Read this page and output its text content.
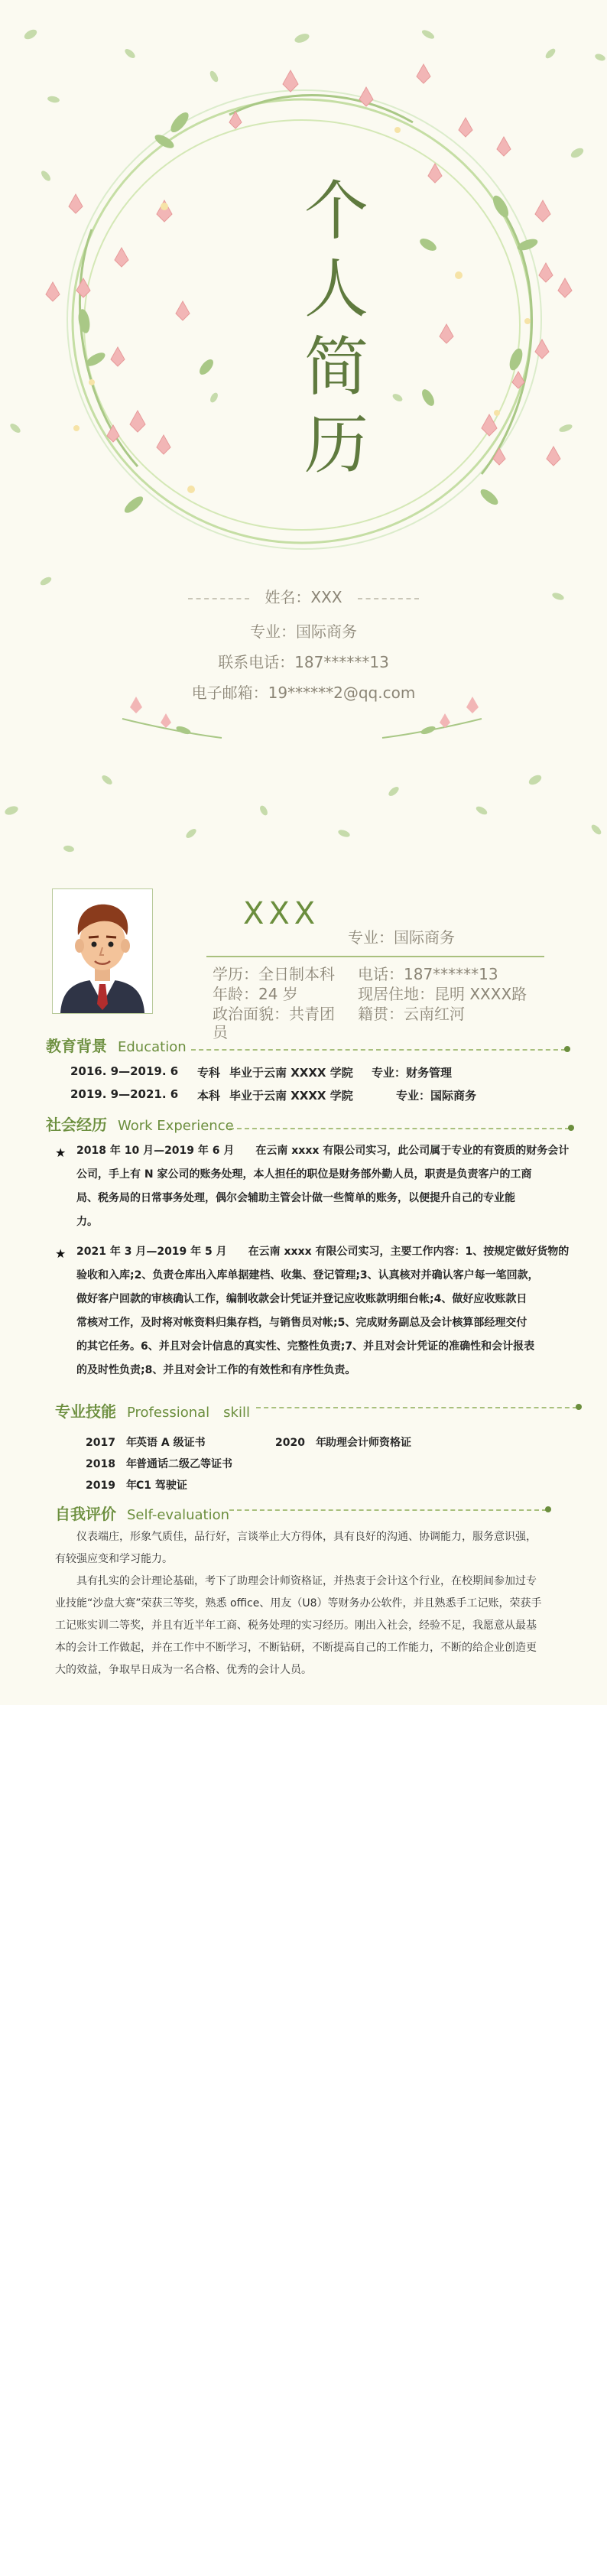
个
人
简
历
姓名：XXX
专业：国际商务
联系电话：187******13
电子邮箱：19******2@qq.com
XXX
专业：国际商务
学历：全日制本科 电话：187******13
年龄：24 岁	现居住地：昆明 XXXX路
政治面貌：共青团员
籍贯：云南红河
教育背景 Education
2016. 9—2019. 6 专科 毕业于云南 XXXX 学院 专业：财务管理
2019. 9—2021. 6 本科 毕业于云南 XXXX 学院	专业：国际商务
社会经历 Work Experience
★ 2018 年 10 月—2019 年 6 月　　在云南 xxxx 有限公司实习，此公司属于专业的有资质的财务会计
公司，手上有 N 家公司的账务处理，本人担任的职位是财务部外勤人员，职责是负责客户的工商
局、税务局的日常事务处理，偶尔会辅助主管会计做一些简单的账务，以便提升自己的专业能
力。
★ 2021 年 3 月—2019 年 5 月　　在云南 xxxx 有限公司实习，主要工作内容：1、按规定做好货物的
验收和入库;2、负责仓库出入库单据建档、收集、登记管理;3、认真核对并确认客户每一笔回款，
做好客户回款的审核确认工作，编制收款会计凭证并登记应收账款明细台帐;4、做好应收账款日
常核对工作，及时将对帐资料归集存档，与销售员对帐;5、完成财务副总及会计核算部经理交付
的其它任务。6、并且对会计信息的真实性、完整性负责;7、并且对会计凭证的准确性和会计报表
的及时性负责;8、并且对会计工作的有效性和有序性负责。
专业技能 Professional　skill
2017　年 英语 A 级证书	2020　年 助理会计师资格证
2018　年 普通话二级乙等证书
2019　年 C1 驾驶证
自我评价 Self-evaluation
仪表端庄，形象气质佳，品行好，言谈举止大方得体，具有良好的沟通、协调能力，服务意识强，
有较强应变和学习能力。
具有扎实的会计理论基础，考下了助理会计师资格证，并热衷于会计这个行业，在校期间参加过专
业技能“沙盘大赛”荣获三等奖，熟悉 office、用友（U8）等财务办公软件，并且熟悉手工记账，荣获手
工记账实训二等奖，并且有近半年工商、税务处理的实习经历。刚出入社会，经验不足，我愿意从最基
本的会计工作做起，并在工作中不断学习，不断钻研，不断提高自己的工作能力，不断的给企业创造更
大的效益，争取早日成为一名合格、优秀的会计人员。
